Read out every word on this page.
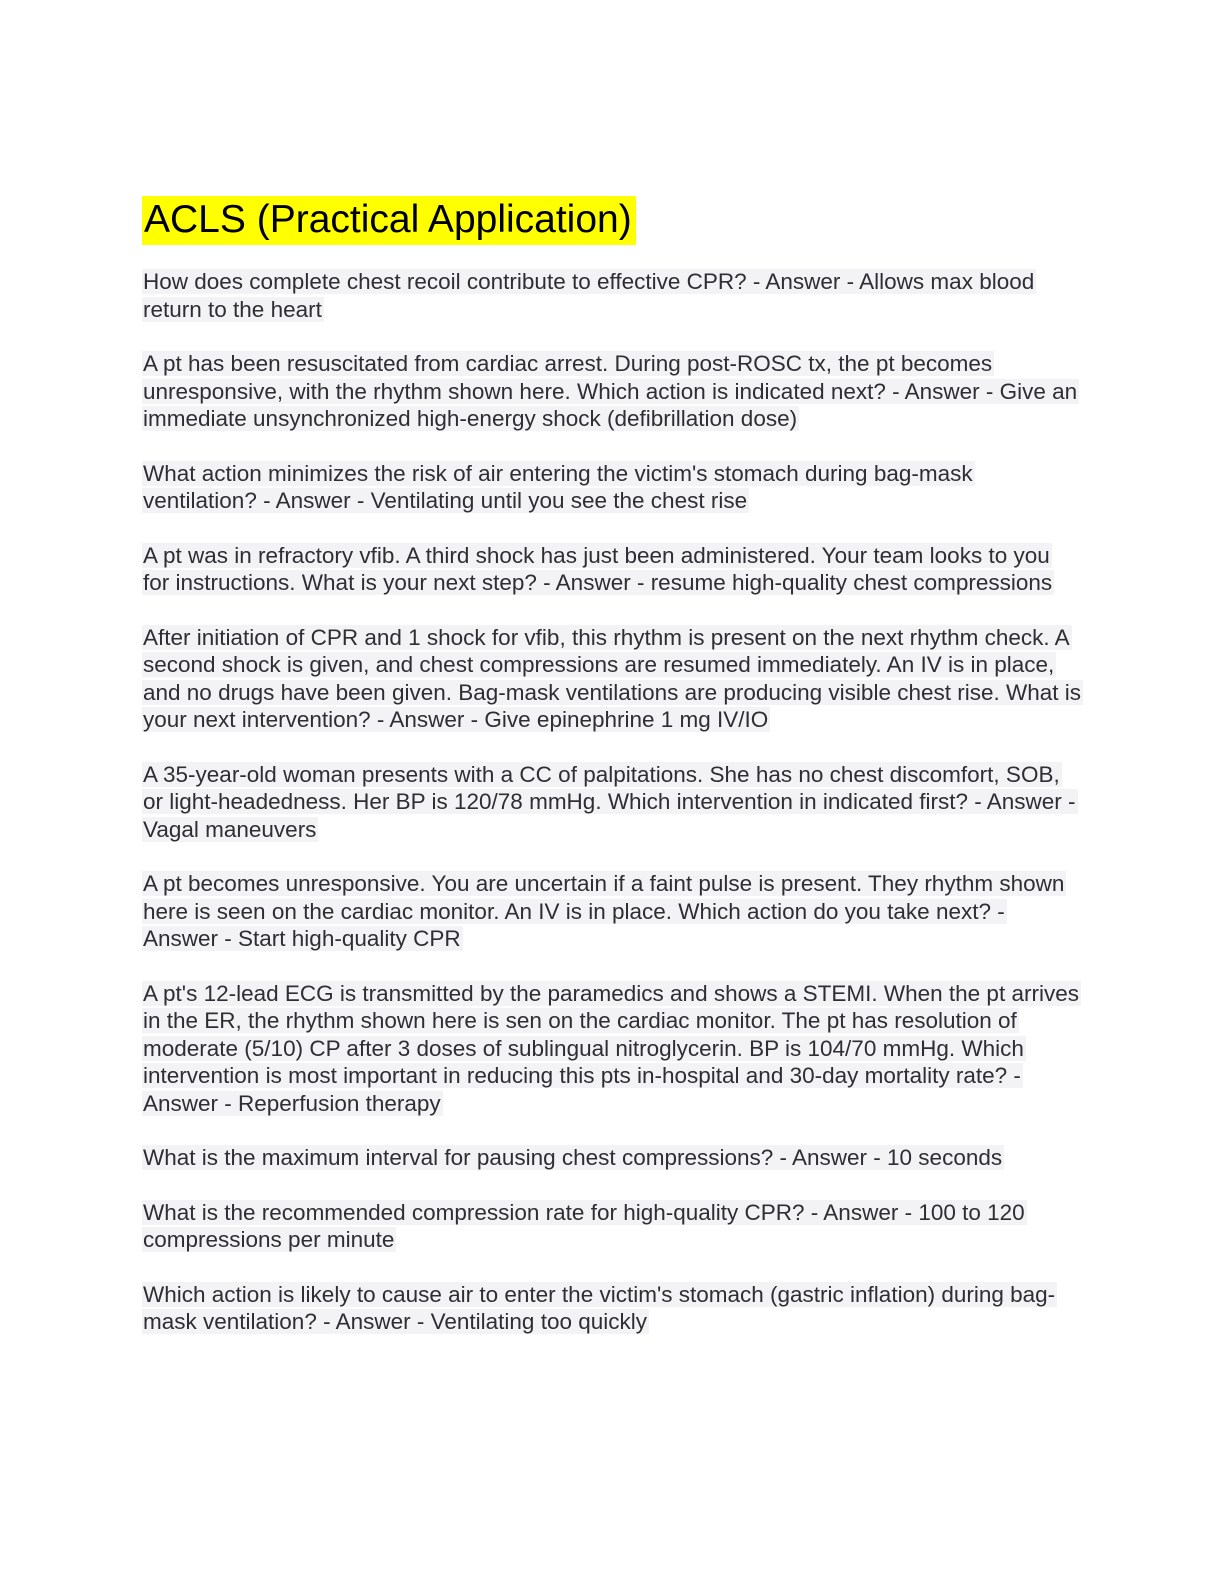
ACLS (Practical Application)

How does complete chest recoil contribute to effective CPR? - Answer - Allows max blood return to the heart

A pt has been resuscitated from cardiac arrest. During post-ROSC tx, the pt becomes unresponsive, with the rhythm shown here. Which action is indicated next? - Answer - Give an immediate unsynchronized high-energy shock (defibrillation dose)

What action minimizes the risk of air entering the victim's stomach during bag-mask ventilation? - Answer - Ventilating until you see the chest rise

A pt was in refractory vfib. A third shock has just been administered. Your team looks to you for instructions. What is your next step? - Answer - resume high-quality chest compressions

After initiation of CPR and 1 shock for vfib, this rhythm is present on the next rhythm check. A second shock is given, and chest compressions are resumed immediately. An IV is in place, and no drugs have been given. Bag-mask ventilations are producing visible chest rise. What is your next intervention? - Answer - Give epinephrine 1 mg IV/IO

A 35-year-old woman presents with a CC of palpitations. She has no chest discomfort, SOB, or light-headedness. Her BP is 120/78 mmHg. Which intervention in indicated first? - Answer - Vagal maneuvers

A pt becomes unresponsive. You are uncertain if a faint pulse is present. They rhythm shown here is seen on the cardiac monitor. An IV is in place. Which action do you take next? - Answer - Start high-quality CPR

A pt's 12-lead ECG is transmitted by the paramedics and shows a STEMI. When the pt arrives in the ER, the rhythm shown here is sen on the cardiac monitor. The pt has resolution of moderate (5/10) CP after 3 doses of sublingual nitroglycerin. BP is 104/70 mmHg. Which intervention is most important in reducing this pts in-hospital and 30-day mortality rate? - Answer - Reperfusion therapy

What is the maximum interval for pausing chest compressions? - Answer - 10 seconds

What is the recommended compression rate for high-quality CPR? - Answer - 100 to 120 compressions per minute

Which action is likely to cause air to enter the victim's stomach (gastric inflation) during bag-mask ventilation? - Answer - Ventilating too quickly
